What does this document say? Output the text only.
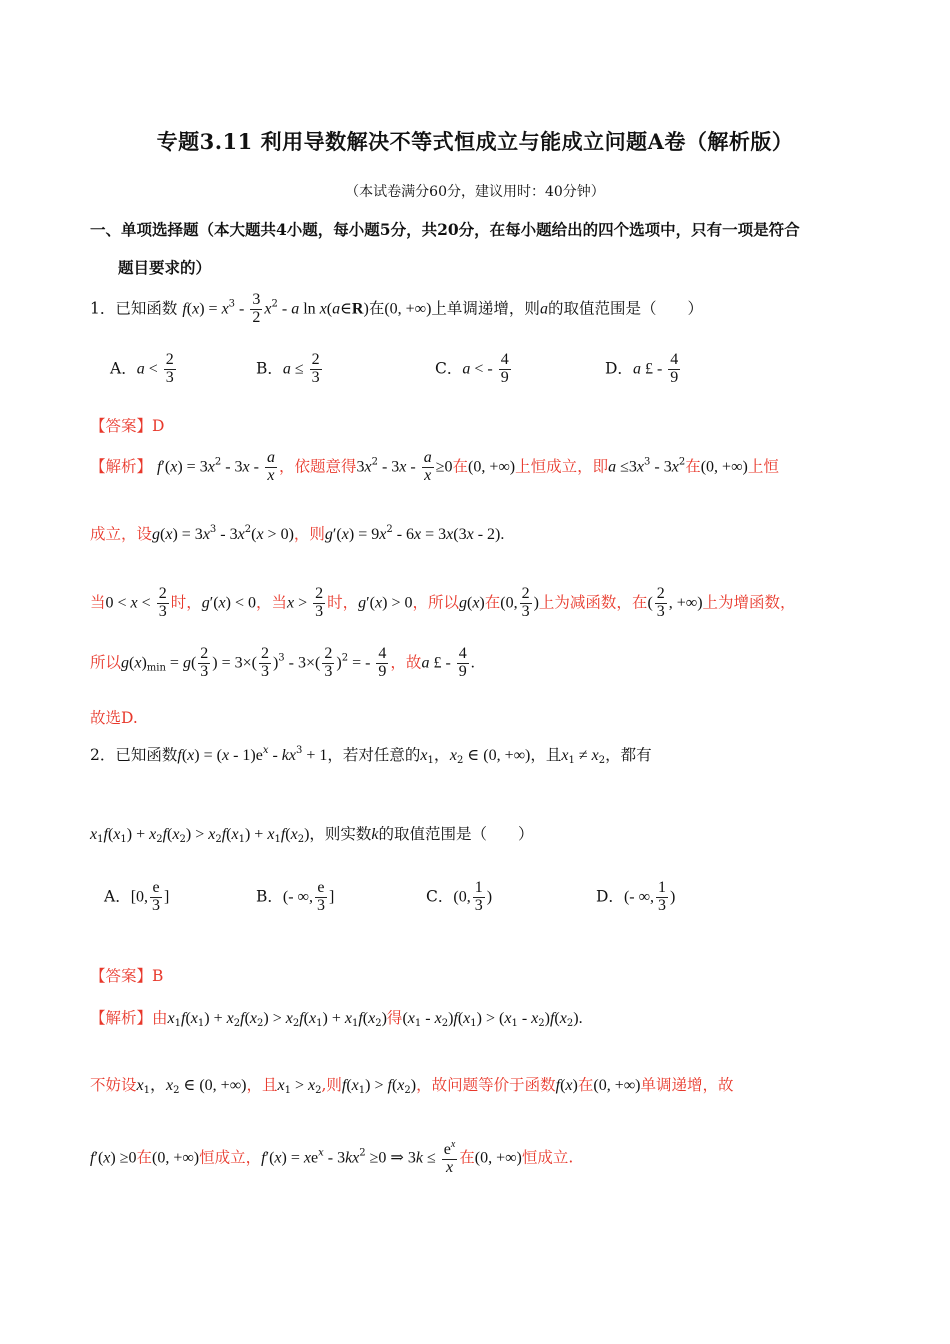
专题3.11 利用导数解决不等式恒成立与能成立问题A卷（解析版）
（本试卷满分60分，建议用时：40分钟）
一、单项选择题（本大题共4小题，每小题5分，共20分，在每小题给出的四个选项中，只有一项是符合
题目要求的）
1．已知函数 $f(x) = x^3 - \frac{3}{2} x^2 - a$ ln x(a∈R)在(0, +∞)上单调递增，则a的取值范围是（　　）
A．$a < \frac{2}{3}$	B．$a \le \frac{2}{3}$	C．a < - $\frac{4}{9}$	D．a £ - $\frac{4}{9}$
【答案】D
【解析】 $f'(x) = 3x^2 - 3x - \frac{a}{x}$ ，依题意得$3x^2 - 3x - \frac{a}{x} \ge 0$在(0, +∞)上恒成立，即$a \le 3x^3 - 3x^2$在(0, +∞)上恒
成立，设$g(x) = 3x^3 - 3x^2(x > 0)$，则$g'(x) = 9x^2 - 6x = 3x(3x - 2)$.
当$0 < x < \frac{2}{3}$ 时，g′(x) < 0，当$x > \frac{2}{3}$ 时，g′(x) > 0，所以g(x)在(0, $\frac{2}{3}$ )上为减函数，在( $\frac{2}{3}$ , +∞)上为增函数，
所以$g(x)_{min} = g( \frac{2}{3}$ ) = $3\times( \frac{2}{3} )^3 - 3\times( \frac{2}{3} )^2$ = - $\frac{4}{9}$ ，故a £ - $\frac{4}{9}$ .
故选D.
2．已知函数$f(x) = (x - 1)e^x - kx^3 + 1$，若对任意的$x_1$，$x_2$ ∈ (0, +∞)，且$x_1 \ne x_2$，都有
$x_1f(x_1) + x_2f(x_2) > x_2f(x_1) + x_1f(x_2)$，则实数k的取值范围是（　　）
A．[0, $\frac{e}{3}$ ]	B．(- ∞, $\frac{e}{3}$ ]	C．(0, $\frac{1}{3}$ )	D．(- ∞, $\frac{1}{3}$ )
【答案】B
【解析】由$x_1f(x_1) + x_2f(x_2) > x_2f(x_1) + x_1f(x_2)$得$(x_1 - x_2)f(x_1) > (x_1 - x_2)f(x_2)$.
不妨设$x_1$，$x_2$ ∈ (0, +∞)，且$x_1 > x_2$,则$f(x_1) > f(x_2)$，故问题等价于函数f(x)在(0, +∞)单调递增，故
f′(x) ≥0在(0, +∞)恒成立，$f'(x) = xe^x - 3kx^2 \ge 0$ ⇒ $3k \le \frac{e^x}{x}$ 在(0, +∞)恒成立.
